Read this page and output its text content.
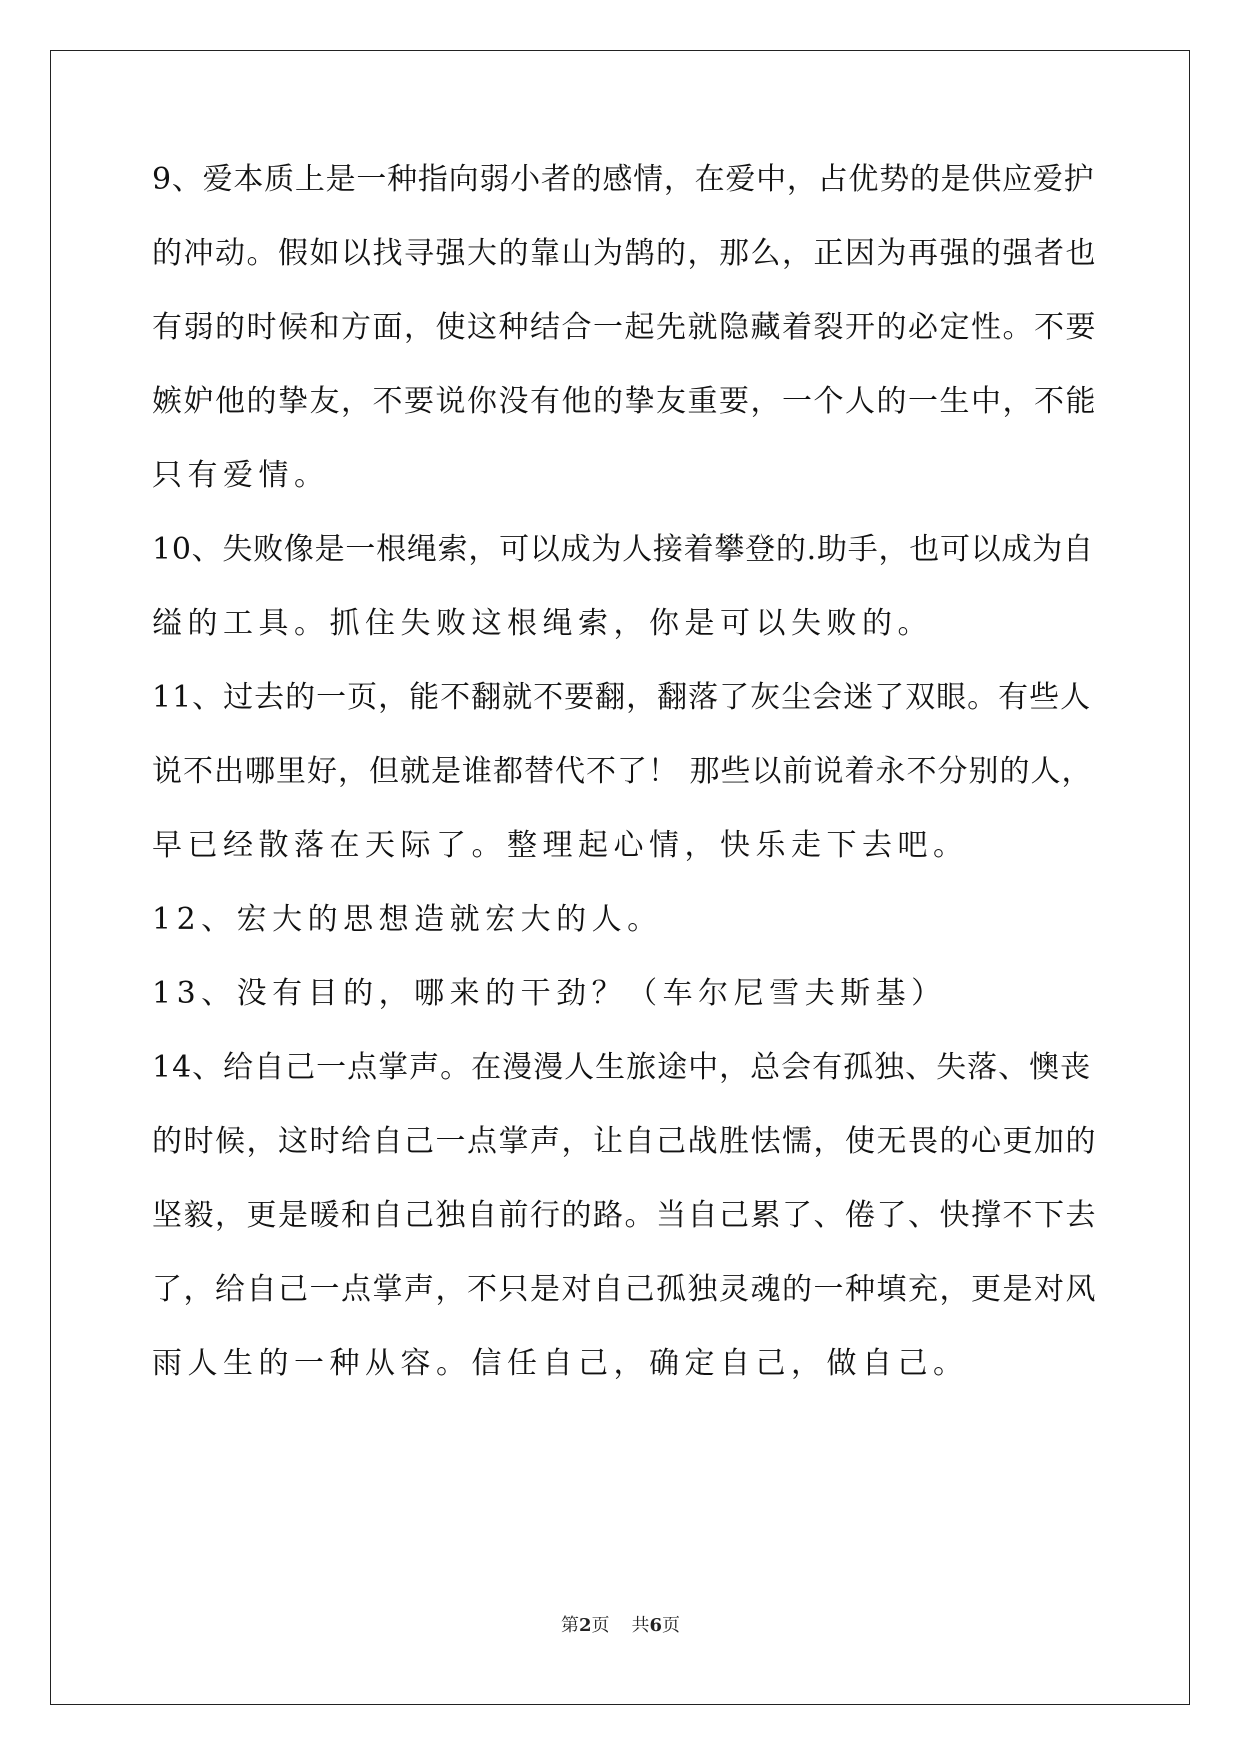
9、爱本质上是一种指向弱小者的感情，在爱中，占优势的是供应爱护
的冲动。假如以找寻强大的靠山为鹄的，那么，正因为再强的强者也
有弱的时候和方面，使这种结合一起先就隐藏着裂开的必定性。不要
嫉妒他的挚友，不要说你没有他的挚友重要，一个人的一生中，不能
只有爱情。
10、失败像是一根绳索，可以成为人接着攀登的.助手，也可以成为自
缢的工具。抓住失败这根绳索，你是可以失败的。
11、过去的一页，能不翻就不要翻，翻落了灰尘会迷了双眼。有些人
说不出哪里好，但就是谁都替代不了！ 那些以前说着永不分别的人，
早已经散落在天际了。整理起心情，快乐走下去吧。
12、宏大的思想造就宏大的人。
13、没有目的，哪来的干劲？（车尔尼雪夫斯基）
14、给自己一点掌声。在漫漫人生旅途中，总会有孤独、失落、懊丧
的时候，这时给自己一点掌声，让自己战胜怯懦，使无畏的心更加的
坚毅，更是暖和自己独自前行的路。当自己累了、倦了、快撑不下去
了，给自己一点掌声，不只是对自己孤独灵魂的一种填充，更是对风
雨人生的一种从容。信任自己，确定自己，做自己。
第2页 共6页
